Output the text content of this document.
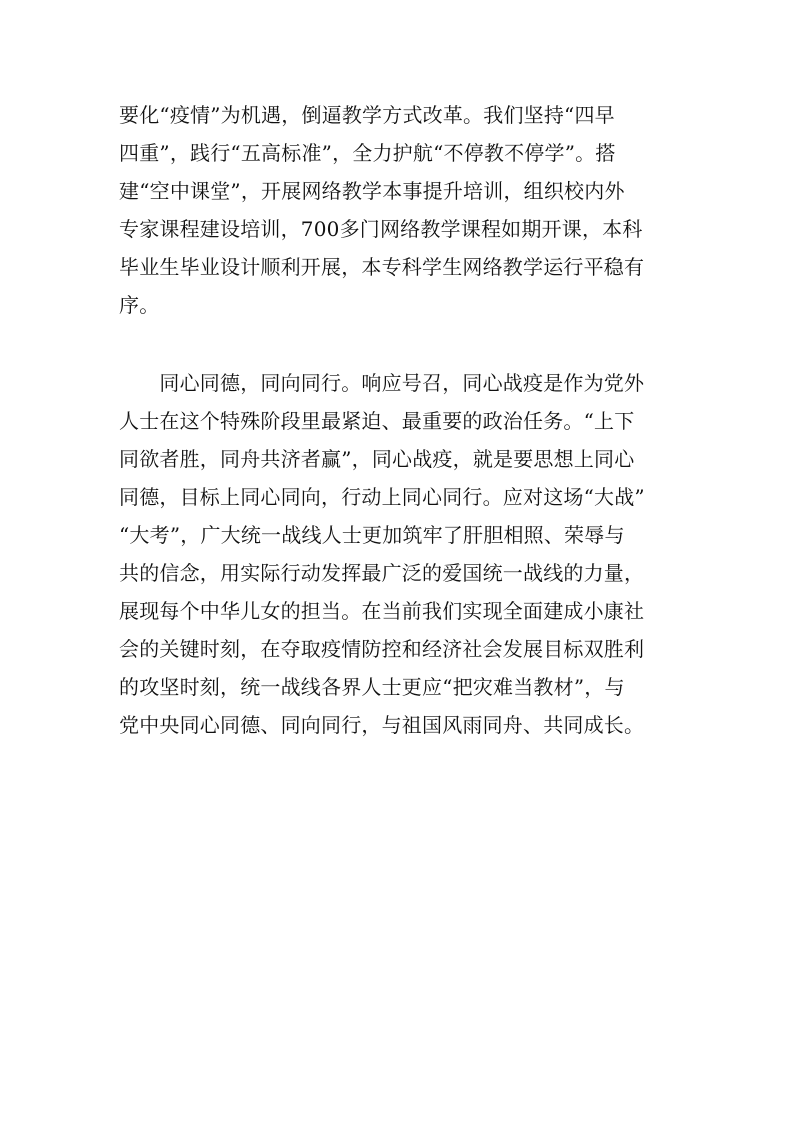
要化“疫情”为机遇，倒逼教学方式改革。我们坚持“四早
四重”，践行“五高标准”，全力护航“不停教不停学”。搭
建“空中课堂”，开展网络教学本事提升培训，组织校内外
专家课程建设培训，700多门网络教学课程如期开课，本科
毕业生毕业设计顺利开展，本专科学生网络教学运行平稳有
序。
　　同心同德，同向同行。响应号召，同心战疫是作为党外
人士在这个特殊阶段里最紧迫、最重要的政治任务。“上下
同欲者胜，同舟共济者赢”，同心战疫，就是要思想上同心
同德，目标上同心同向，行动上同心同行。应对这场“大战”
“大考”，广大统一战线人士更加筑牢了肝胆相照、荣辱与
共的信念，用实际行动发挥最广泛的爱国统一战线的力量，
展现每个中华儿女的担当。在当前我们实现全面建成小康社
会的关键时刻，在夺取疫情防控和经济社会发展目标双胜利
的攻坚时刻，统一战线各界人士更应“把灾难当教材”，与
党中央同心同德、同向同行，与祖国风雨同舟、共同成长。
